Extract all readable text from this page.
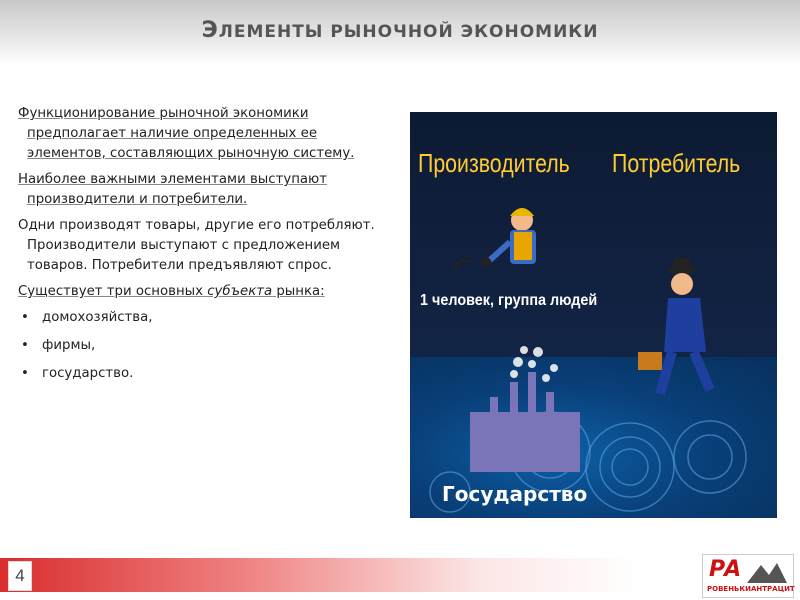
ЭЛЕМЕНТЫ РЫНОЧНОЙ ЭКОНОМИКИ

Функционирование рыночной экономики предполагает наличие определенных ее элементов, составляющих рыночную систему.

Наиболее важными элементами выступают производители и потребители.

Одни производят товары, другие его потребляют. Производители выступают с предложением товаров. Потребители предъявляют спрос.

Существует три основных субъекта рынка:

• домохозяйства,
• фирмы,
• государство.
Производитель Потребитель
1 человек, группа людей
Государство
4	РА
РОВЕНЬКИАНТРАЦИТ
